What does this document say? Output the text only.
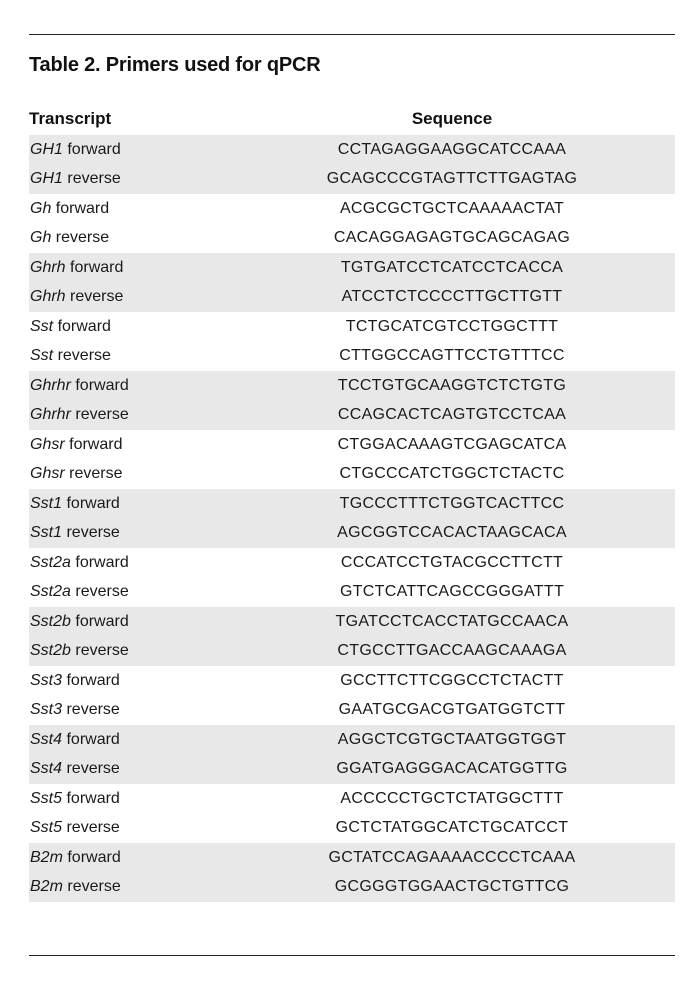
Table 2. Primers used for qPCR
Transcript	Sequence
GH1 forward	CCTAGAGGAAGGCATCCAAA
GH1 reverse	GCAGCCCGTAGTTCTTGAGTAG
Gh forward	ACGCGCTGCTCAAAAACTAT
Gh reverse	CACAGGAGAGTGCAGCAGAG
Ghrh forward	TGTGATCCTCATCCTCACCA
Ghrh reverse	ATCCTCTCCCCTTGCTTGTT
Sst forward	TCTGCATCGTCCTGGCTTT
Sst reverse	CTTGGCCAGTTCCTGTTTCC
Ghrhr forward	TCCTGTGCAAGGTCTCTGTG
Ghrhr reverse	CCAGCACTCAGTGTCCTCAA
Ghsr forward	CTGGACAAAGTCGAGCATCA
Ghsr reverse	CTGCCCATCTGGCTCTACTC
Sst1 forward	TGCCCTTTCTGGTCACTTCC
Sst1 reverse	AGCGGTCCACACTAAGCACA
Sst2a forward	CCCATCCTGTACGCCTTCTT
Sst2a reverse	GTCTCATTCAGCCGGGATTT
Sst2b forward	TGATCCTCACCTATGCCAACA
Sst2b reverse	CTGCCTTGACCAAGCAAAGA
Sst3 forward	GCCTTCTTCGGCCTCTACTT
Sst3 reverse	GAATGCGACGTGATGGTCTT
Sst4 forward	AGGCTCGTGCTAATGGTGGT
Sst4 reverse	GGATGAGGGACACATGGTTG
Sst5 forward	ACCCCCTGCTCTATGGCTTT
Sst5 reverse	GCTCTATGGCATCTGCATCCT
B2m forward	GCTATCCAGAAAACCCCTCAAA
B2m reverse	GCGGGTGGAACTGCTGTTCG
